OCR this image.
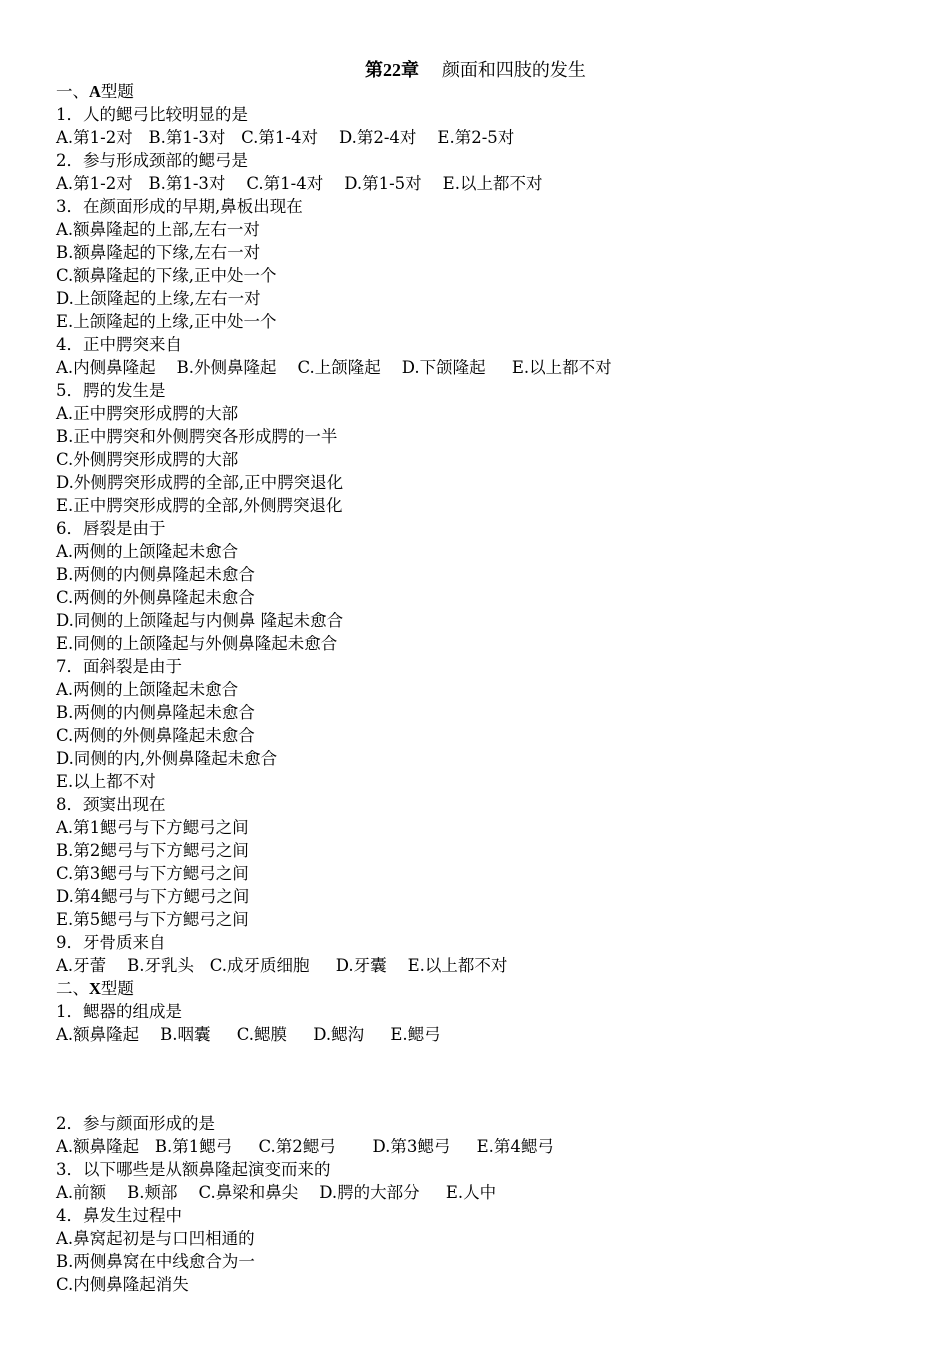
第22章 颜面和四肢的发生
一、A型题
1．人的鳃弓比较明显的是
A.第1-2对   B.第1-3对   C.第1-4对    D.第2-4对    E.第2-5对
2．参与形成颈部的鳃弓是
A.第1-2对   B.第1-3对    C.第1-4对    D.第1-5对    E.以上都不对
3．在颜面形成的早期,鼻板出现在
A.额鼻隆起的上部,左右一对
B.额鼻隆起的下缘,左右一对
C.额鼻隆起的下缘,正中处一个
D.上颌隆起的上缘,左右一对
E.上颌隆起的上缘,正中处一个
4．正中腭突来自
A.内侧鼻隆起    B.外侧鼻隆起    C.上颌隆起    D.下颌隆起     E.以上都不对
5．腭的发生是
A.正中腭突形成腭的大部
B.正中腭突和外侧腭突各形成腭的一半
C.外侧腭突形成腭的大部
D.外侧腭突形成腭的全部,正中腭突退化
E.正中腭突形成腭的全部,外侧腭突退化
6．唇裂是由于
A.两侧的上颌隆起未愈合
B.两侧的内侧鼻隆起未愈合
C.两侧的外侧鼻隆起未愈合
D.同侧的上颌隆起与内侧鼻 隆起未愈合
E.同侧的上颌隆起与外侧鼻隆起未愈合
7．面斜裂是由于
A.两侧的上颌隆起未愈合
B.两侧的内侧鼻隆起未愈合
C.两侧的外侧鼻隆起未愈合
D.同侧的内,外侧鼻隆起未愈合
E.以上都不对
8．颈窦出现在
A.第1鳃弓与下方鳃弓之间
B.第2鳃弓与下方鳃弓之间
C.第3鳃弓与下方鳃弓之间
D.第4鳃弓与下方鳃弓之间
E.第5鳃弓与下方鳃弓之间
9．牙骨质来自
A.牙蕾    B.牙乳头   C.成牙质细胞     D.牙囊    E.以上都不对
二、X型题
1．鳃器的组成是
A.额鼻隆起    B.咽囊     C.鳃膜     D.鳃沟     E.鳃弓
2．参与颜面形成的是
A.额鼻隆起   B.第1鳃弓     C.第2鳃弓       D.第3鳃弓     E.第4鳃弓
3．以下哪些是从额鼻隆起演变而来的
A.前额    B.颊部    C.鼻梁和鼻尖    D.腭的大部分     E.人中
4．鼻发生过程中
A.鼻窝起初是与口凹相通的
B.两侧鼻窝在中线愈合为一
C.内侧鼻隆起消失
